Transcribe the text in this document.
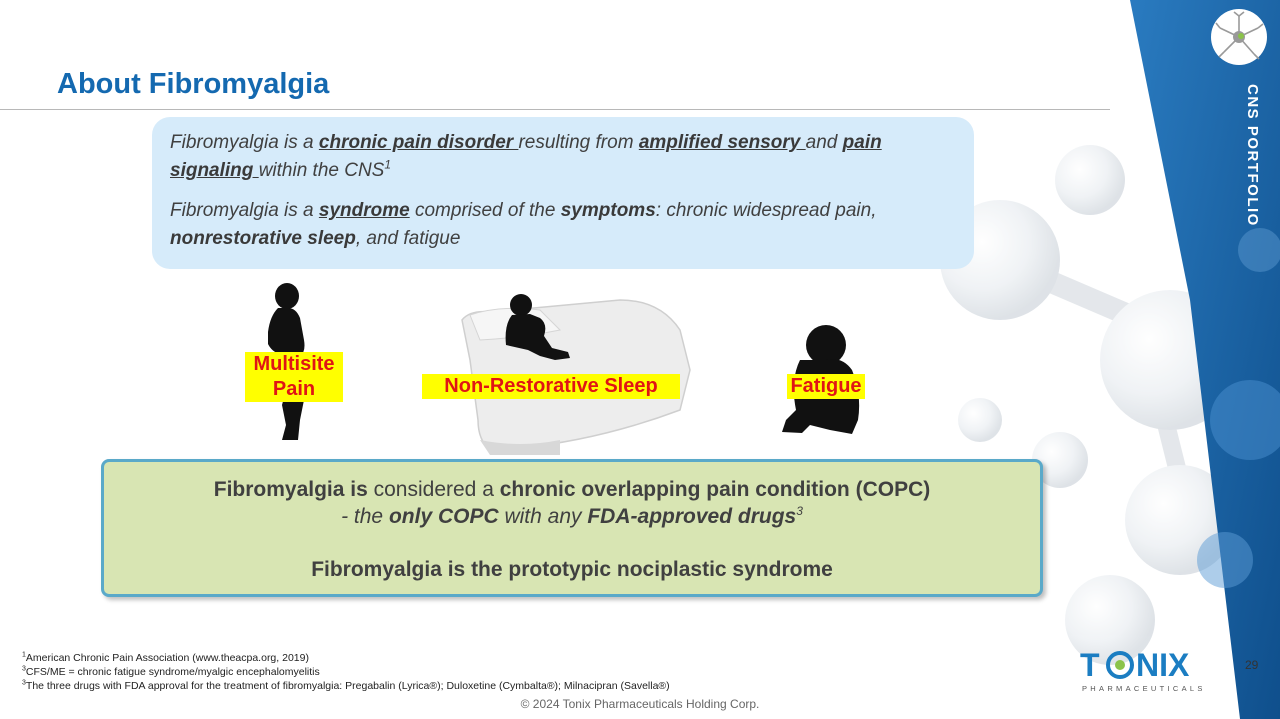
CNS PORTFOLIO
About Fibromyalgia

Fibromyalgia is a chronic pain disorder resulting from amplified sensory and pain signaling within the CNS$^1$

Fibromyalgia is a syndrome comprised of the symptoms: chronic widespread pain, nonrestorative sleep, and fatigue

Multisite
Pain	Non-Restorative Sleep	Fatigue
Fibromyalgia is considered a chronic overlapping pain condition (COPC)
- the only COPC with any FDA-approved drugs$^3$
Fibromyalgia is the prototypic nociplastic syndrome
$^1$American Chronic Pain Association (www.theacpa.org, 2019)
$^3$CFS/ME = chronic fatigue syndrome/myalgic encephalomyelitis
$^3$The three drugs with FDA approval for the treatment of fibromyalgia: Pregabalin (Lyrica®); Duloxetine (Cymbalta®); Milnacipran (Savella®)
© 2024 Tonix Pharmaceuticals Holding Corp.
29
T NIX
PHARMACEUTICALS
